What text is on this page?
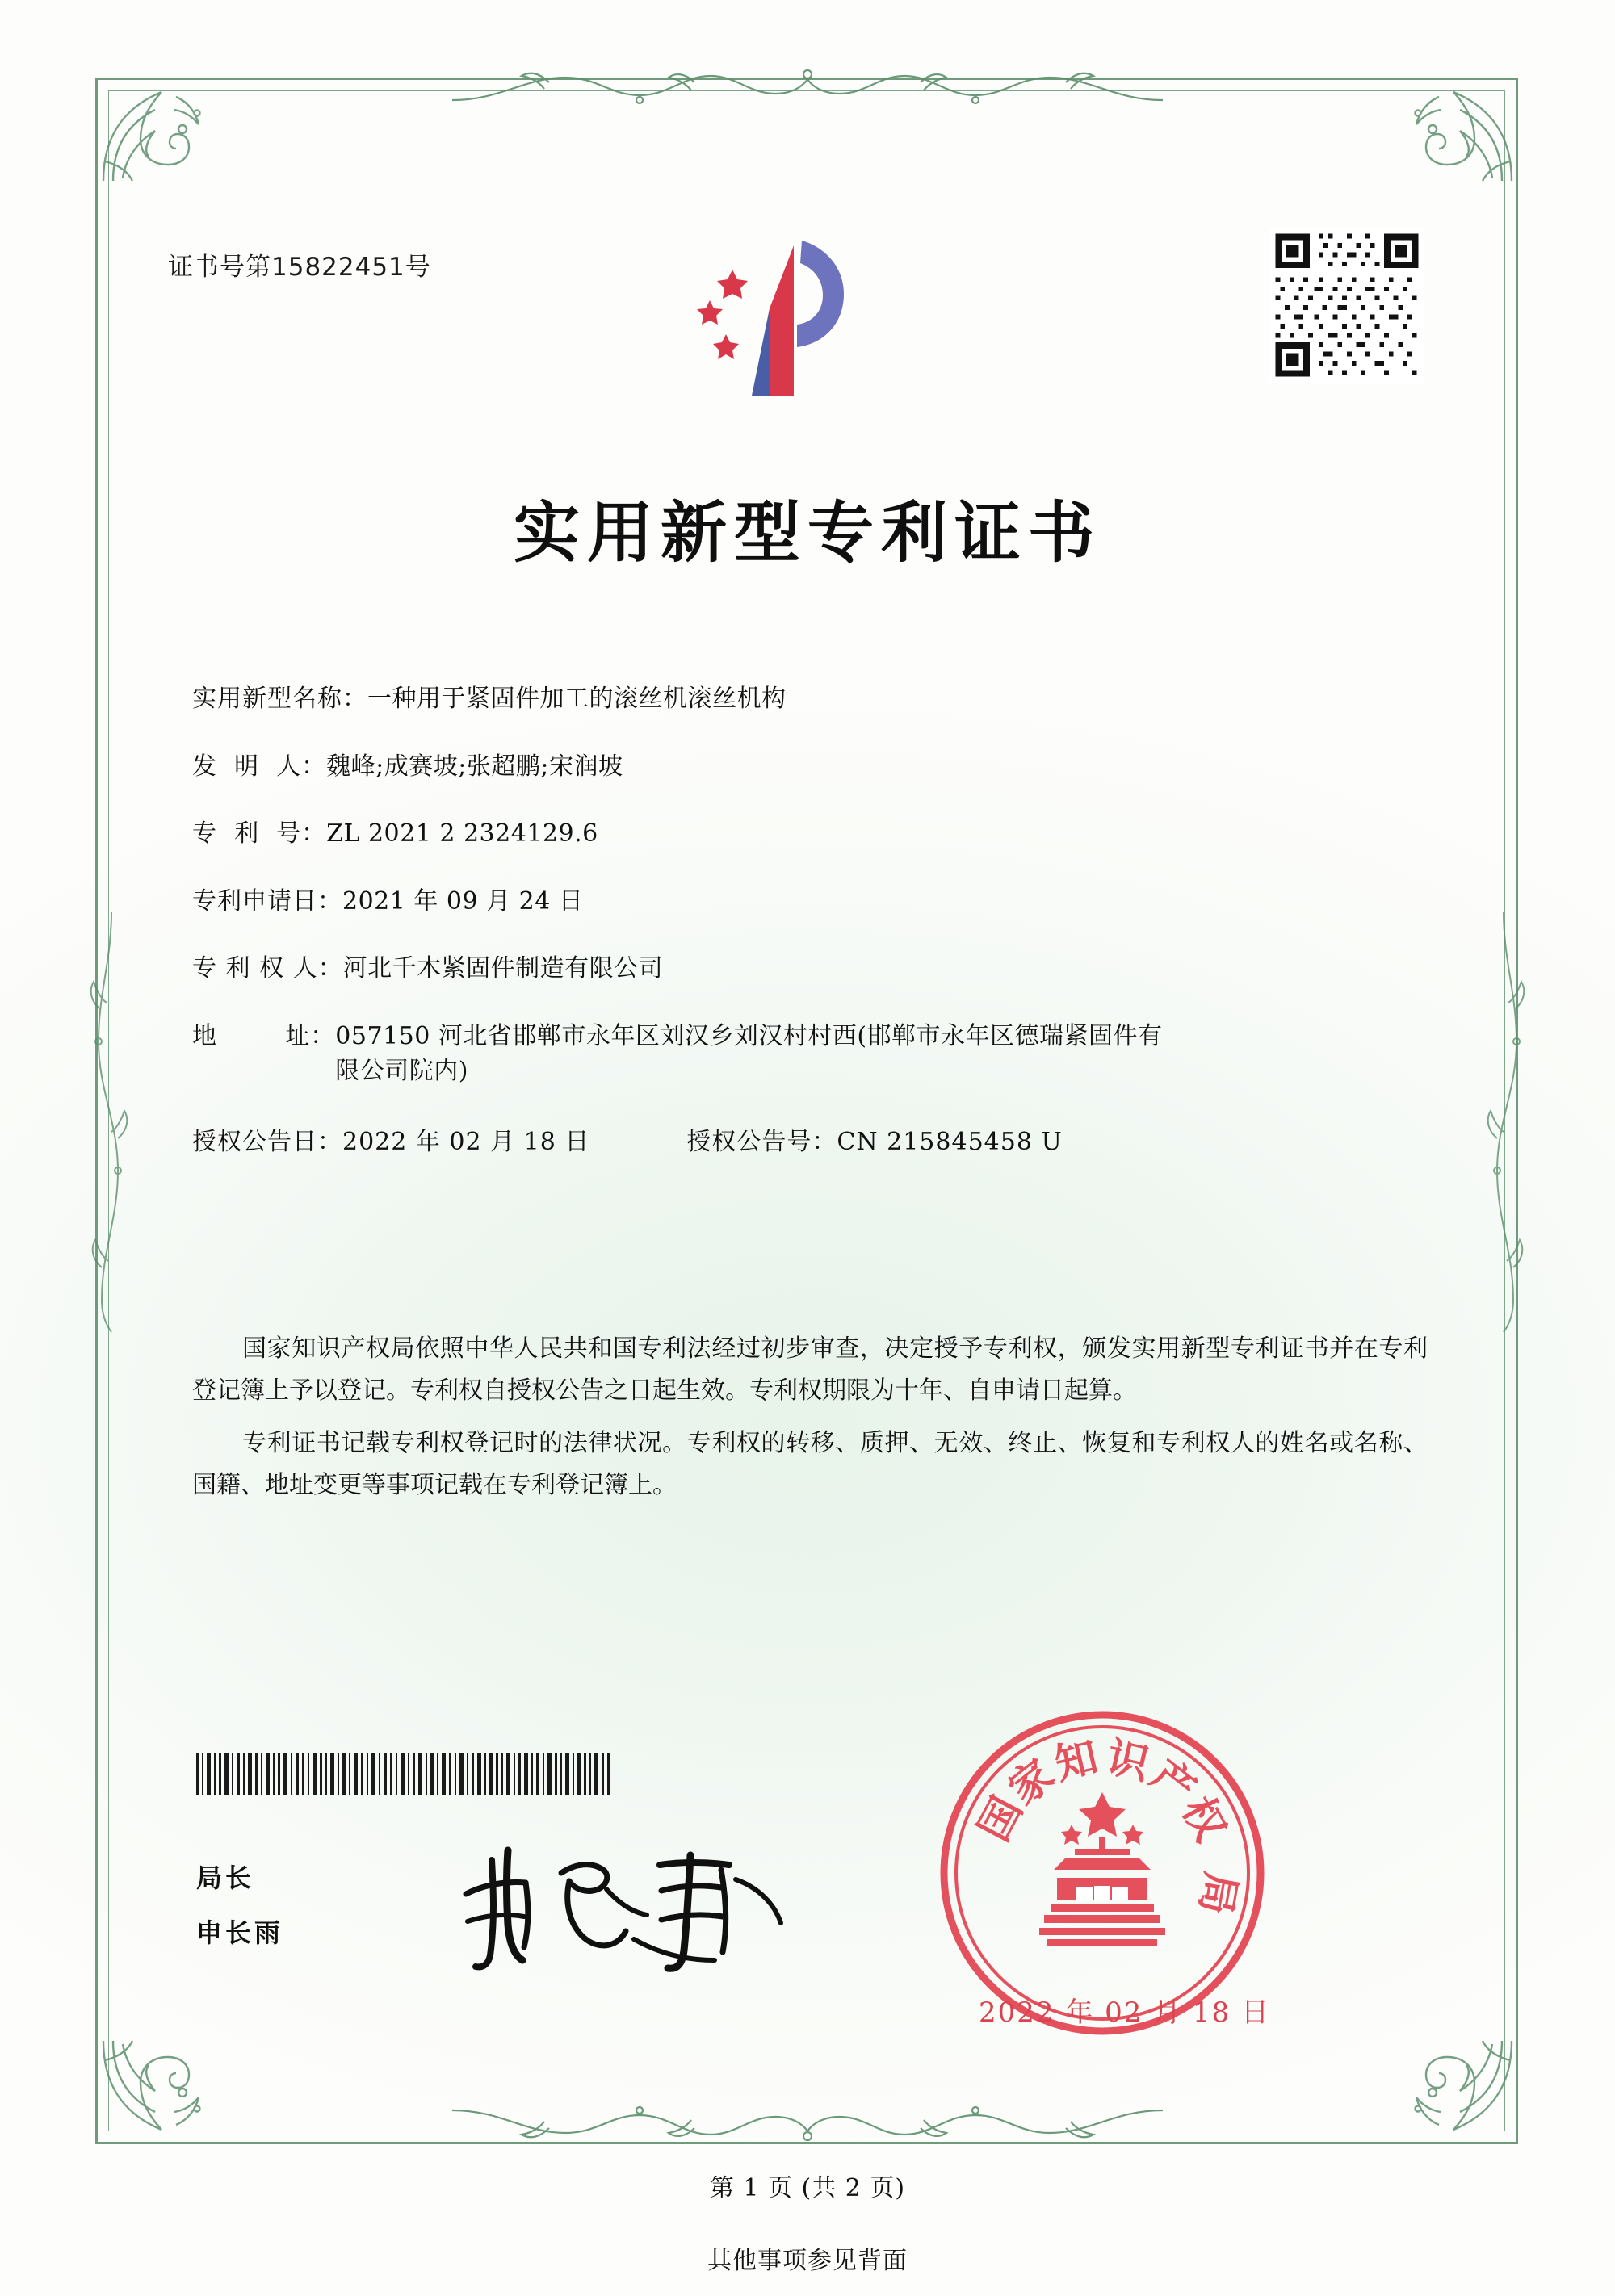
证书号第15822451号
实用新型专利证书
实用新型名称： 一种用于紧固件加工的滚丝机滚丝机构
发  明  人： 魏峰;成赛坡;张超鹏;宋润坡
专  利  号： ZL 2021 2 2324129.6
专利申请日： 2021 年 09 月 24 日
专 利 权 人： 河北千木紧固件制造有限公司
地        址： 057150 河北省邯郸市永年区刘汉乡刘汉村村西(邯郸市永年区德瑞紧固件有限公司院内)
授权公告日： 2022 年 02 月 18 日	授权公告号： CN 215845458 U

国家知识产权局依照中华人民共和国专利法经过初步审查，决定授予专利权，颁发实用新型专利证书并在专利登记簿上予以登记。专利权自授权公告之日起生效。专利权期限为十年、自申请日起算。

专利证书记载专利权登记时的法律状况。专利权的转移、质押、无效、终止、恢复和专利权人的姓名或名称、国籍、地址变更等事项记载在专利登记簿上。

国
家
知 识
产
权
局
2022 年 02 月 18 日
局长
申长雨
第 1 页 (共 2 页)
其他事项参见背面
